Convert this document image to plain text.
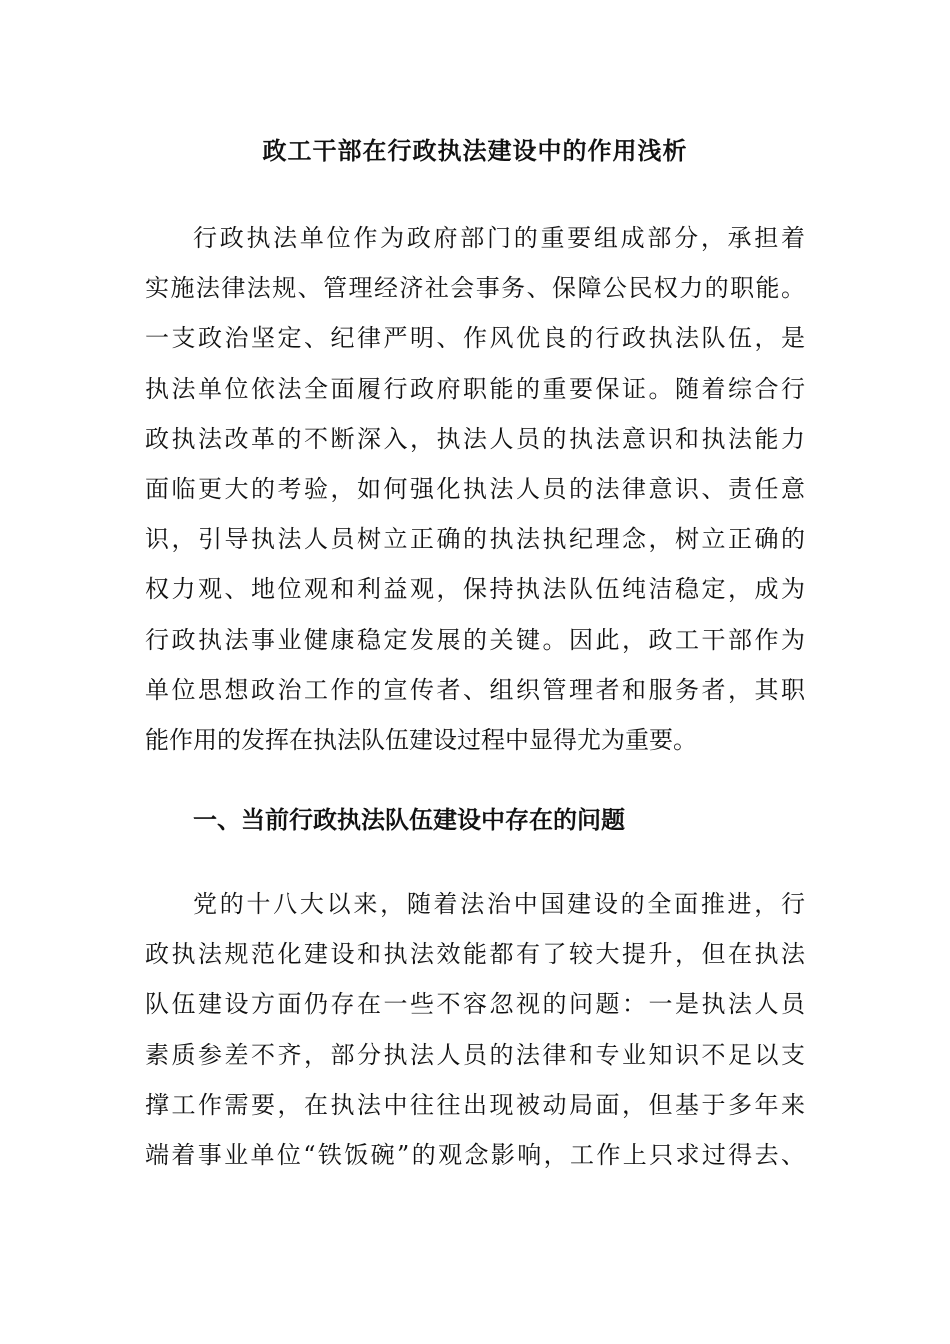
政工干部在行政执法建设中的作用浅析
行政执法单位作为政府部门的重要组成部分，承担着
实施法律法规、管理经济社会事务、保障公民权力的职能。
一支政治坚定、纪律严明、作风优良的行政执法队伍，是
执法单位依法全面履行政府职能的重要保证。随着综合行
政执法改革的不断深入，执法人员的执法意识和执法能力
面临更大的考验，如何强化执法人员的法律意识、责任意
识，引导执法人员树立正确的执法执纪理念，树立正确的
权力观、地位观和利益观，保持执法队伍纯洁稳定，成为
行政执法事业健康稳定发展的关键。因此，政工干部作为
单位思想政治工作的宣传者、组织管理者和服务者，其职
能作用的发挥在执法队伍建设过程中显得尤为重要。
一、当前行政执法队伍建设中存在的问题
党的十八大以来，随着法治中国建设的全面推进，行
政执法规范化建设和执法效能都有了较大提升，但在执法
队伍建设方面仍存在一些不容忽视的问题：一是执法人员
素质参差不齐，部分执法人员的法律和专业知识不足以支
撑工作需要，在执法中往往出现被动局面，但基于多年来
端着事业单位“铁饭碗”的观念影响，工作上只求过得去、
